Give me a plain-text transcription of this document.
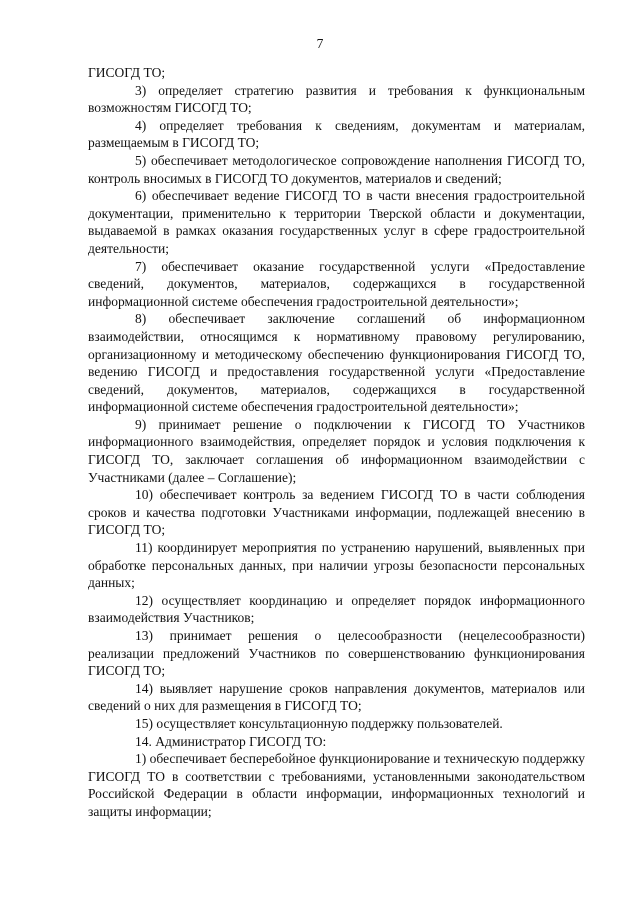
7

ГИСОГД ТО;

3) определяет стратегию развития и требования к функциональным возможностям ГИСОГД ТО;

4) определяет требования к сведениям, документам и материалам, размещаемым в ГИСОГД ТО;

5) обеспечивает методологическое сопровождение наполнения ГИСОГД ТО, контроль вносимых в ГИСОГД ТО документов, материалов и сведений;

6) обеспечивает ведение ГИСОГД ТО в части внесения градостроительной документации, применительно к территории Тверской области и документации, выдаваемой в рамках оказания государственных услуг в сфере градостроительной деятельности;

7) обеспечивает оказание государственной услуги «Предоставление сведений, документов, материалов, содержащихся в государственной информационной системе обеспечения градостроительной деятельности»;

8) обеспечивает заключение соглашений об информационном взаимодействии, относящимся к нормативному правовому регулированию, организационному и методическому обеспечению функционирования ГИСОГД ТО, ведению ГИСОГД и предоставления государственной услуги «Предоставление сведений, документов, материалов, содержащихся в государственной информационной системе обеспечения градостроительной деятельности»;

9) принимает решение о подключении к ГИСОГД ТО Участников информационного взаимодействия, определяет порядок и условия подключения к ГИСОГД ТО, заключает соглашения об информационном взаимодействии с Участниками (далее – Соглашение);

10) обеспечивает контроль за ведением ГИСОГД ТО в части соблюдения сроков и качества подготовки Участниками информации, подлежащей внесению в ГИСОГД ТО;

11) координирует мероприятия по устранению нарушений, выявленных при обработке персональных данных, при наличии угрозы безопасности персональных данных;

12) осуществляет координацию и определяет порядок информационного взаимодействия Участников;

13) принимает решения о целесообразности (нецелесообразности) реализации предложений Участников по совершенствованию функционирования ГИСОГД ТО;

14) выявляет нарушение сроков направления документов, материалов или сведений о них для размещения в ГИСОГД ТО;

15) осуществляет консультационную поддержку пользователей.

14. Администратор ГИСОГД ТО:

1) обеспечивает бесперебойное функционирование и техническую поддержку ГИСОГД ТО в соответствии с требованиями, установленными законодательством Российской Федерации в области информации, информационных технологий и защиты информации;
